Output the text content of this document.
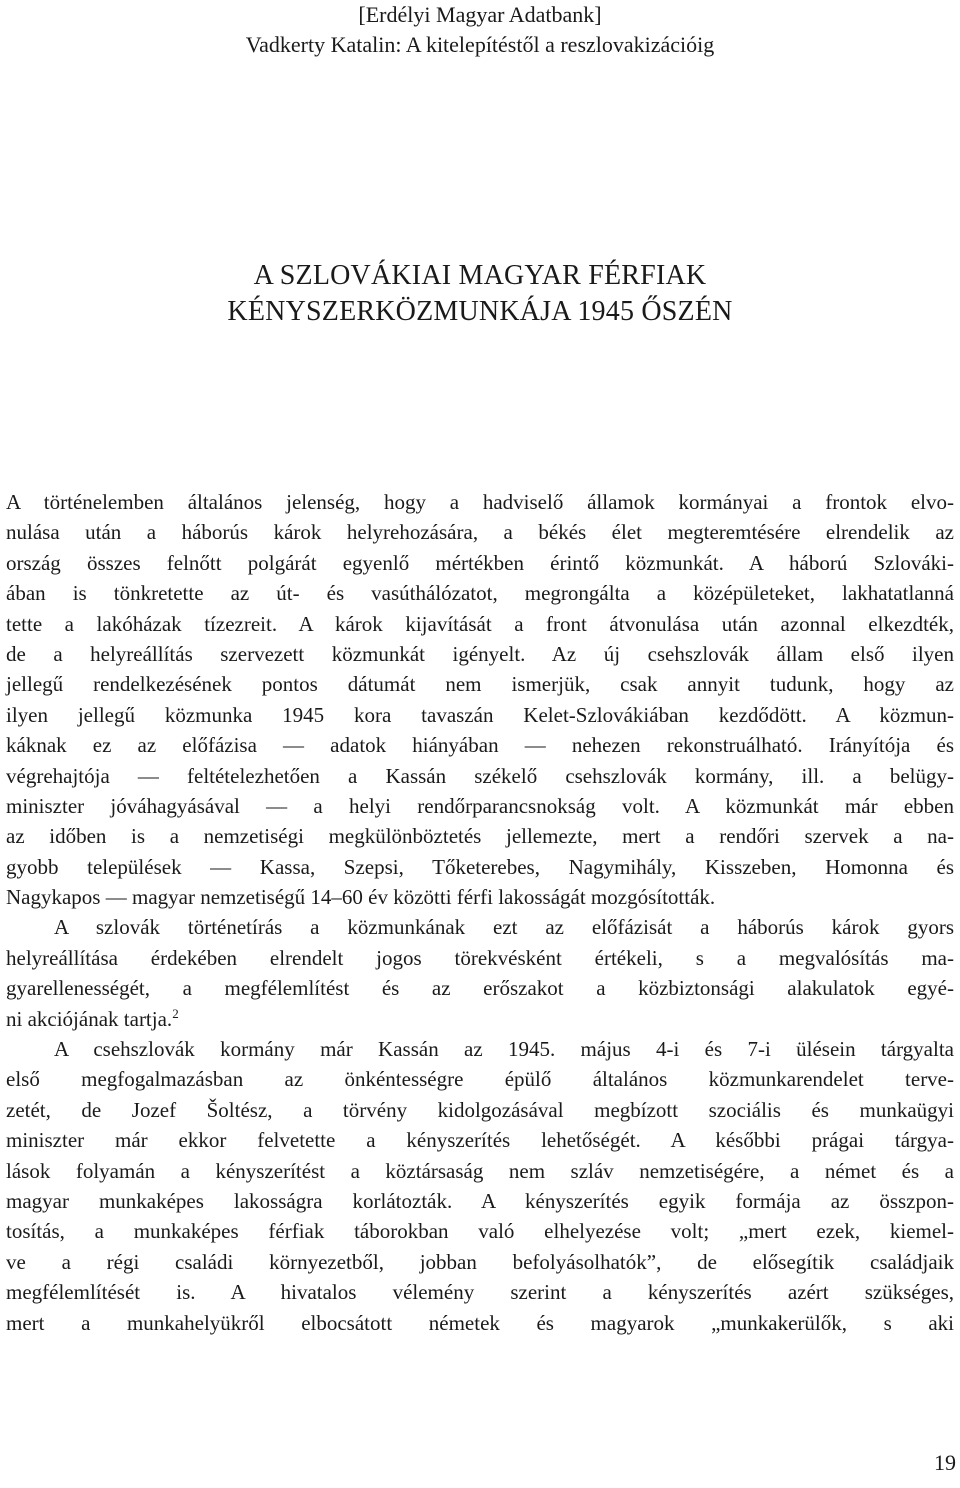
[Erdélyi Magyar Adatbank]
Vadkerty Katalin: A kitelepítéstől a reszlovakizációig
A SZLOVÁKIAI MAGYAR FÉRFIAK
KÉNYSZERKÖZMUNKÁJA 1945 ŐSZÉN
A történelemben általános jelenség, hogy a hadviselő államok kormányai a frontok elvo-
nulása után a háborús károk helyrehozására, a békés élet megteremtésére elrendelik az
ország összes felnőtt polgárát egyenlő mértékben érintő közmunkát. A háború Szlováki-
ában is tönkretette az út- és vasúthálózatot, megrongálta a középületeket, lakhatatlanná
tette a lakóházak tízezreit. A károk kijavítását a front átvonulása után azonnal elkezdték,
de a helyreállítás szervezett közmunkát igényelt. Az új csehszlovák állam első ilyen
jellegű rendelkezésének pontos dátumát nem ismerjük, csak annyit tudunk, hogy az
ilyen jellegű közmunka 1945 kora tavaszán Kelet-Szlovákiában kezdődött. A közmun-
káknak ez az előfázisa — adatok hiányában — nehezen rekonstruálható. Irányítója és
végrehajtója — feltételezhetően a Kassán székelő csehszlovák kormány, ill. a belügy-
miniszter jóváhagyásával — a helyi rendőrparancsnokság volt. A közmunkát már ebben
az időben is a nemzetiségi megkülönböztetés jellemezte, mert a rendőri szervek a na-
gyobb települések — Kassa, Szepsi, Tőketerebes, Nagymihály, Kisszeben, Homonna és
Nagykapos — magyar nemzetiségű 14–60 év közötti férfi lakosságát mozgósították.
A szlovák történetírás a közmunkának ezt az előfázisát a háborús károk gyors
helyreállítása érdekében elrendelt jogos törekvésként értékeli, s a megvalósítás ma-
gyarellenességét, a megfélemlítést és az erőszakot a közbiztonsági alakulatok egyé-
ni akciójának tartja.$^2$
A csehszlovák kormány már Kassán az 1945. május 4-i és 7-i ülésein tárgyalta
első megfogalmazásban az önkéntességre épülő általános közmunkarendelet terve-
zetét, de Jozef Šoltész, a törvény kidolgozásával megbízott szociális és munkaügyi
miniszter már ekkor felvetette a kényszerítés lehetőségét. A későbbi prágai tárgya-
lások folyamán a kényszerítést a köztársaság nem szláv nemzetiségére, a német és a
magyar munkaképes lakosságra korlátozták. A kényszerítés egyik formája az összpon-
tosítás, a munkaképes férfiak táborokban való elhelyezése volt; „mert ezek, kiemel-
ve a régi családi környezetből, jobban befolyásolhatók”, de elősegítik családjaik
megfélemlítését is. A hivatalos vélemény szerint a kényszerítés azért szükséges,
mert a munkahelyükről elbocsátott németek és magyarok „munkakerülők, s aki
19
